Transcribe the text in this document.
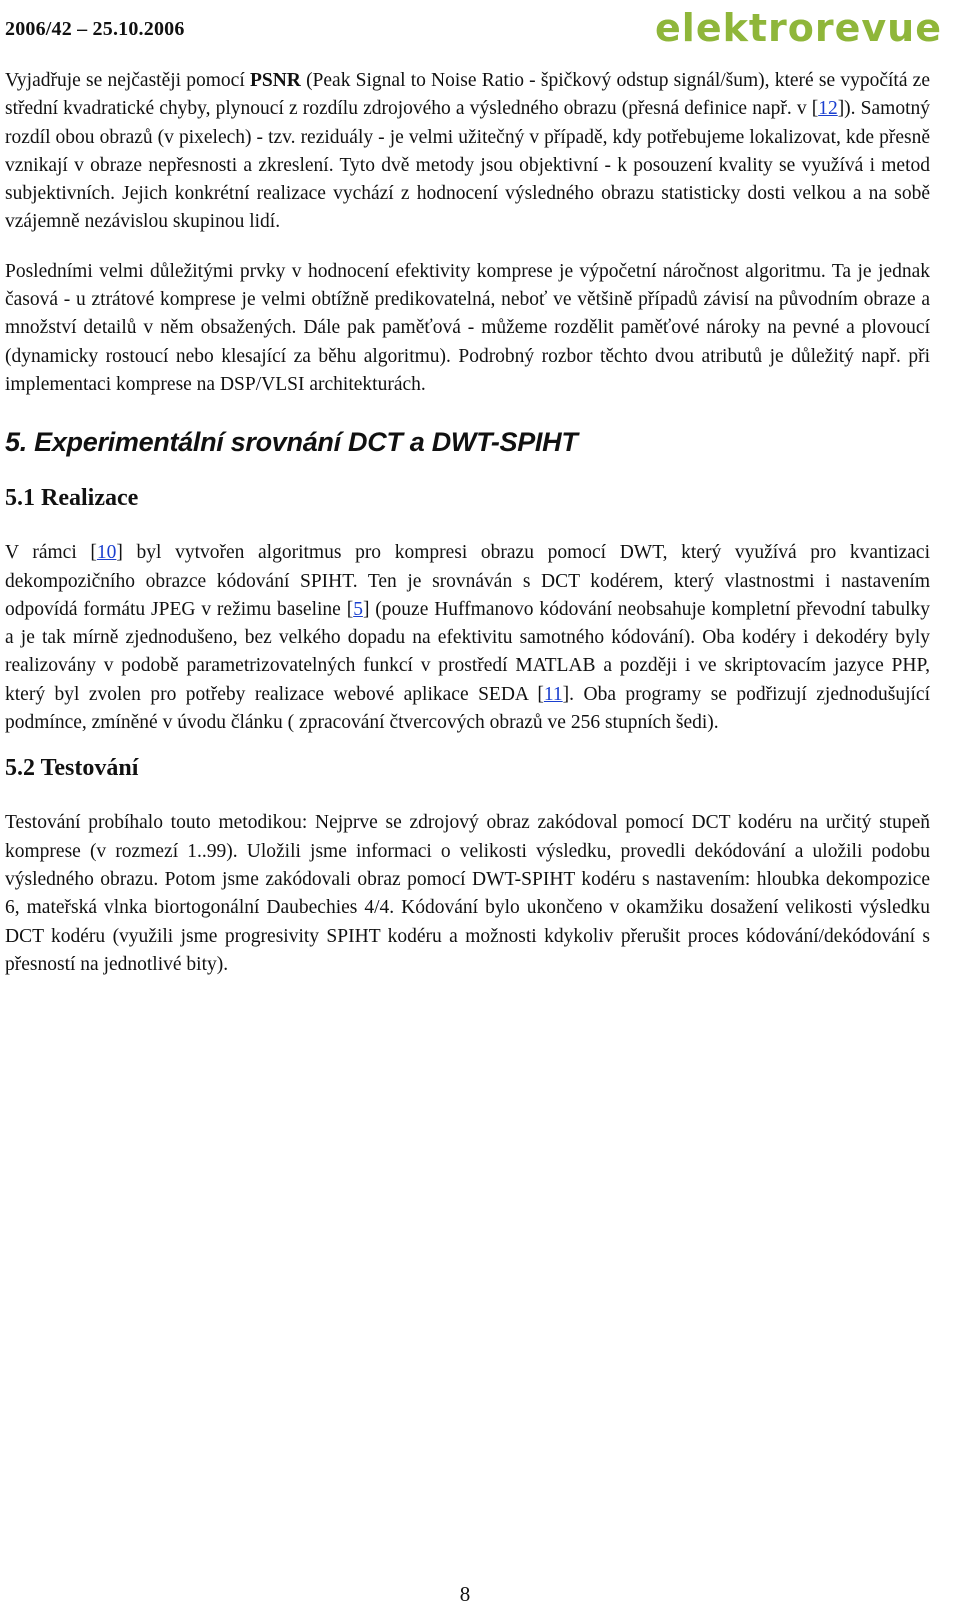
2006/42 – 25.10.2006	elektrorevue

Vyjadřuje se nejčastěji pomocí PSNR (Peak Signal to Noise Ratio - špičkový odstup signál/šum), které se vypočítá ze střední kvadratické chyby, plynoucí z rozdílu zdrojového a výsledného obrazu (přesná definice např. v [12]). Samotný rozdíl obou obrazů (v pixelech) - tzv. reziduály - je velmi užitečný v případě, kdy potřebujeme lokalizovat, kde přesně vznikají v obraze nepřesnosti a zkreslení. Tyto dvě metody jsou objektivní - k posouzení kvality se využívá i metod subjektivních. Jejich konkrétní realizace vychází z hodnocení výsledného obrazu statisticky dosti velkou a na sobě vzájemně nezávislou skupinou lidí.

Posledními velmi důležitými prvky v hodnocení efektivity komprese je výpočetní náročnost algoritmu. Ta je jednak časová - u ztrátové komprese je velmi obtížně predikovatelná, neboť ve většině případů závisí na původním obraze a množství detailů v něm obsažených. Dále pak paměťová - můžeme rozdělit paměťové nároky na pevné a plovoucí (dynamicky rostoucí nebo klesající za běhu algoritmu). Podrobný rozbor těchto dvou atributů je důležitý např. při implementaci komprese na DSP/VLSI architekturách.

5. Experimentální srovnání DCT a DWT-SPIHT
5.1 Realizace

V rámci [10] byl vytvořen algoritmus pro kompresi obrazu pomocí DWT, který využívá pro kvantizaci dekompozičního obrazce kódování SPIHT. Ten je srovnáván s DCT kodérem, který vlastnostmi i nastavením odpovídá formátu JPEG v režimu baseline [5] (pouze Huffmanovo kódování neobsahuje kompletní převodní tabulky a je tak mírně zjednodušeno, bez velkého dopadu na efektivitu samotného kódování). Oba kodéry i dekodéry byly realizovány v podobě parametrizovatelných funkcí v prostředí MATLAB a později i ve skriptovacím jazyce PHP, který byl zvolen pro potřeby realizace webové aplikace SEDA [11]. Oba programy se podřizují zjednodušující podmínce, zmíněné v úvodu článku ( zpracování čtvercových obrazů ve 256 stupních šedi).

5.2 Testování

Testování probíhalo touto metodikou: Nejprve se zdrojový obraz zakódoval pomocí DCT kodéru na určitý stupeň komprese (v rozmezí 1..99). Uložili jsme informaci o velikosti výsledku, provedli dekódování a uložili podobu výsledného obrazu. Potom jsme zakódovali obraz pomocí DWT-SPIHT kodéru s nastavením: hloubka dekompozice 6, mateřská vlnka biortogonální Daubechies 4/4. Kódování bylo ukončeno v okamžiku dosažení velikosti výsledku DCT kodéru (využili jsme progresivity SPIHT kodéru a možnosti kdykoliv přerušit proces kódování/dekódování s přesností na jednotlivé bity).

8
